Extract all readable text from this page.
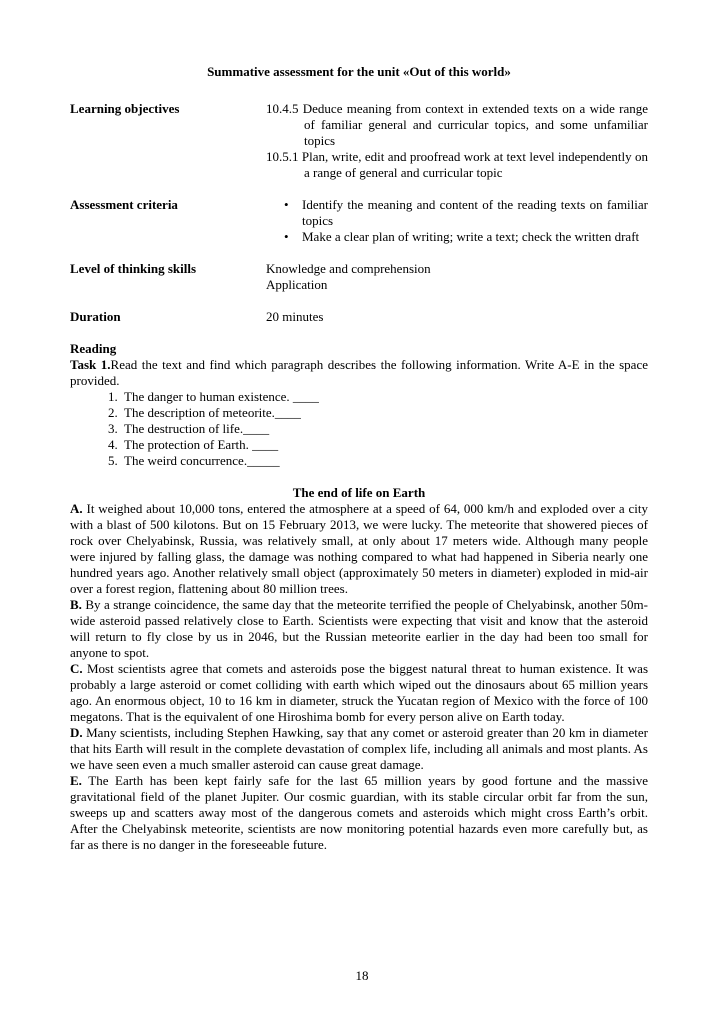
Summative assessment for the unit «Out of this world»
Learning objectives	10.4.5 Deduce meaning from context in extended texts on a wide range of familiar general and curricular topics, and some unfamiliar topics
10.5.1 Plan, write, edit and proofread work at text level independently on a range of general and curricular topic
Assessment criteria
•	Identify the meaning and content of the reading texts on familiar topics
• Make a clear plan of writing; write a text; check the written draft
Level of thinking skills	Knowledge and comprehension
Application
Duration	20 minutes
Reading
Task 1.Read the text and find which paragraph describes the following information. Write A-E in the space provided.
1. The danger to human existence. ____
2. The description of meteorite.____
3. The destruction of life.____
4. The protection of Earth. ____
5. The weird concurrence._____
The end of life on Earth

A. It weighed about 10,000 tons, entered the atmosphere at a speed of 64, 000 km/h and exploded over a city with a blast of 500 kilotons. But on 15 February 2013, we were lucky. The meteorite that showered pieces of rock over Chelyabinsk, Russia, was relatively small, at only about 17 meters wide. Although many people were injured by falling glass, the damage was nothing compared to what had happened in Siberia nearly one hundred years ago. Another relatively small object (approximately 50 meters in diameter) exploded in mid-air over a forest region, flattening about 80 million trees.

B. By a strange coincidence, the same day that the meteorite terrified the people of Chelyabinsk, another 50m-wide asteroid passed relatively close to Earth. Scientists were expecting that visit and know that the asteroid will return to fly close by us in 2046, but the Russian meteorite earlier in the day had been too small for anyone to spot.

C. Most scientists agree that comets and asteroids pose the biggest natural threat to human existence. It was probably a large asteroid or comet colliding with earth which wiped out the dinosaurs about 65 million years ago. An enormous object, 10 to 16 km in diameter, struck the Yucatan region of Mexico with the force of 100 megatons. That is the equivalent of one Hiroshima bomb for every person alive on Earth today.

D. Many scientists, including Stephen Hawking, say that any comet or asteroid greater than 20 km in diameter that hits Earth will result in the complete devastation of complex life, including all animals and most plants. As we have seen even a much smaller asteroid can cause great damage.

E. The Earth has been kept fairly safe for the last 65 million years by good fortune and the massive gravitational field of the planet Jupiter. Our cosmic guardian, with its stable circular orbit far from the sun, sweeps up and scatters away most of the dangerous comets and asteroids which might cross Earth’s orbit. After the Chelyabinsk meteorite, scientists are now monitoring potential hazards even more carefully but, as far as there is no danger in the foreseeable future.

18
